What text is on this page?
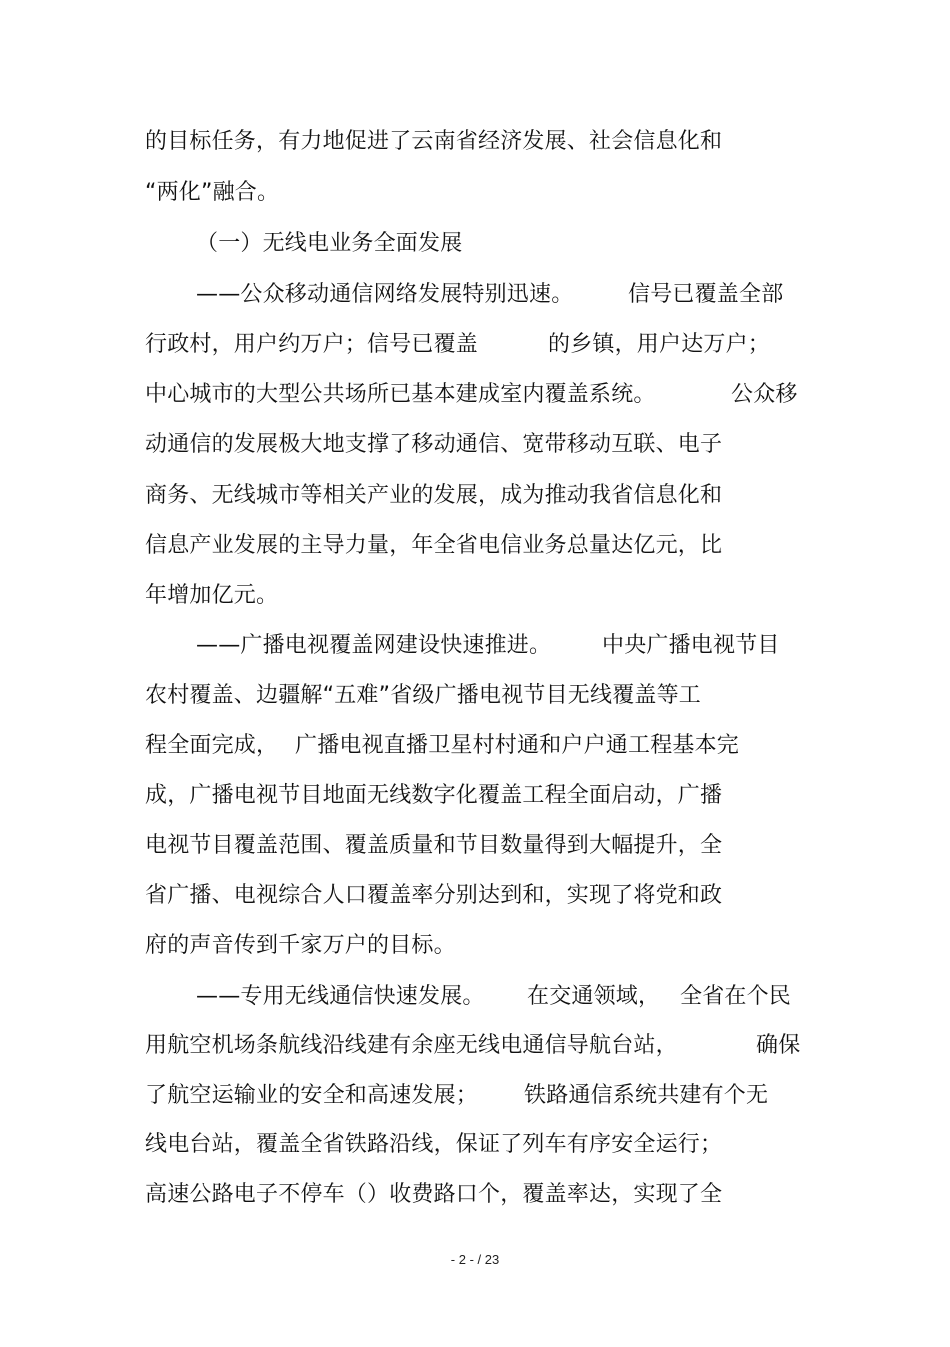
的目标任务，有力地促进了云南省经济发展、社会信息化和
“两化”融合。
（一）无线电业务全面发展
——公众移动通信网络发展特别迅速。 信号已覆盖全部
行政村，用户约万户；信号已覆盖	的乡镇，用户达万户；
中心城市的大型公共场所已基本建成室内覆盖系统。	公众移
动通信的发展极大地支撑了移动通信、宽带移动互联、电子
商务、无线城市等相关产业的发展，成为推动我省信息化和
信息产业发展的主导力量，年全省电信业务总量达亿元，比
年增加亿元。
——广播电视覆盖网建设快速推进。 中央广播电视节目
农村覆盖、边疆解“五难”省级广播电视节目无线覆盖等工
程全面完成， 广播电视直播卫星村村通和户户通工程基本完
成，广播电视节目地面无线数字化覆盖工程全面启动，广播
电视节目覆盖范围、覆盖质量和节目数量得到大幅提升，全
省广播、电视综合人口覆盖率分别达到和，实现了将党和政
府的声音传到千家万户的目标。
——专用无线通信快速发展。 在交通领域， 全省在个民
用航空机场条航线沿线建有余座无线电通信导航台站，	确保
了航空运输业的安全和高速发展； 铁路通信系统共建有个无
线电台站，覆盖全省铁路沿线，保证了列车有序安全运行；
高速公路电子不停车（）收费路口个，覆盖率达，实现了全
- 2 - / 23
